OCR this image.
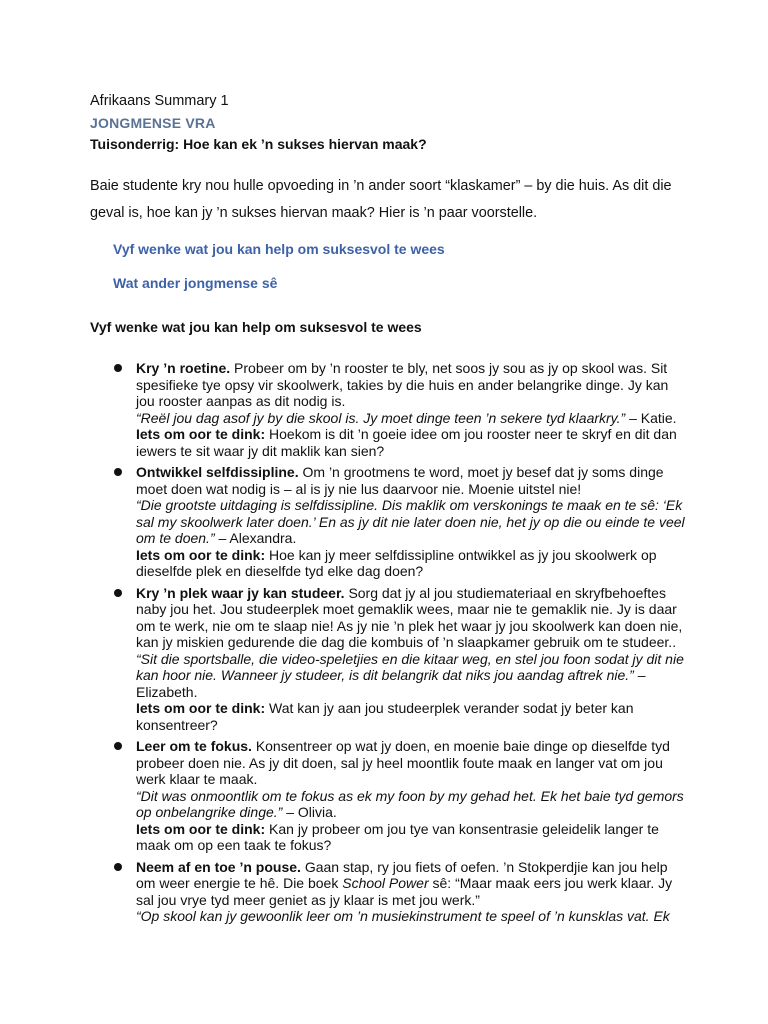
Afrikaans Summary 1
JONGMENSE VRA
Tuisonderrig: Hoe kan ek ’n sukses hiervan maak?
Baie studente kry nou hulle opvoeding in ’n ander soort “klaskamer” – by die huis. As dit die geval is, hoe kan jy ’n sukses hiervan maak? Hier is ’n paar voorstelle.
Vyf wenke wat jou kan help om suksesvol te wees
Wat ander jongmense sê
Vyf wenke wat jou kan help om suksesvol te wees
Kry ’n roetine. Probeer om by ’n rooster te bly, net soos jy sou as jy op skool was. Sit spesifieke tye opsy vir skoolwerk, takies by die huis en ander belangrike dinge. Jy kan jou rooster aanpas as dit nodig is.
“Reël jou dag asof jy by die skool is. Jy moet dinge teen ’n sekere tyd klaarkry.” – Katie.
Iets om oor te dink: Hoekom is dit ’n goeie idee om jou rooster neer te skryf en dit dan iewers te sit waar jy dit maklik kan sien?
Ontwikkel selfdissipline. Om ’n grootmens te word, moet jy besef dat jy soms dinge moet doen wat nodig is – al is jy nie lus daarvoor nie. Moenie uitstel nie!
“Die grootste uitdaging is selfdissipline. Dis maklik om verskonings te maak en te sê: ‘Ek sal my skoolwerk later doen.’ En as jy dit nie later doen nie, het jy op die ou einde te veel om te doen.” – Alexandra.
Iets om oor te dink: Hoe kan jy meer selfdissipline ontwikkel as jy jou skoolwerk op dieselfde plek en dieselfde tyd elke dag doen?
Kry ’n plek waar jy kan studeer. Sorg dat jy al jou studiemateriaal en skryfbehoeftes naby jou het. Jou studeerplek moet gemaklik wees, maar nie te gemaklik nie. Jy is daar om te werk, nie om te slaap nie! As jy nie ’n plek het waar jy jou skoolwerk kan doen nie, kan jy miskien gedurende die dag die kombuis of ’n slaapkamer gebruik om te studeer..
“Sit die sportsballe, die video-speletjies en die kitaar weg, en stel jou foon sodat jy dit nie kan hoor nie. Wanneer jy studeer, is dit belangrik dat niks jou aandag aftrek nie.” – Elizabeth.
Iets om oor te dink: Wat kan jy aan jou studeerplek verander sodat jy beter kan konsentreer?
Leer om te fokus. Konsentreer op wat jy doen, en moenie baie dinge op dieselfde tyd probeer doen nie. As jy dit doen, sal jy heel moontlik foute maak en langer vat om jou werk klaar te maak.
“Dit was onmoontlik om te fokus as ek my foon by my gehad het. Ek het baie tyd gemors op onbelangrike dinge.” – Olivia.
Iets om oor te dink: Kan jy probeer om jou tye van konsentrasie geleidelik langer te maak om op een taak te fokus?
Neem af en toe ’n pouse. Gaan stap, ry jou fiets of oefen. ’n Stokperdjie kan jou help om weer energie te hê. Die boek School Power sê: “Maar maak eers jou werk klaar. Jy sal jou vrye tyd meer geniet as jy klaar is met jou werk.”
“Op skool kan jy gewoonlik leer om ’n musiekinstrument te speel of ’n kunsklas vat. Ek
